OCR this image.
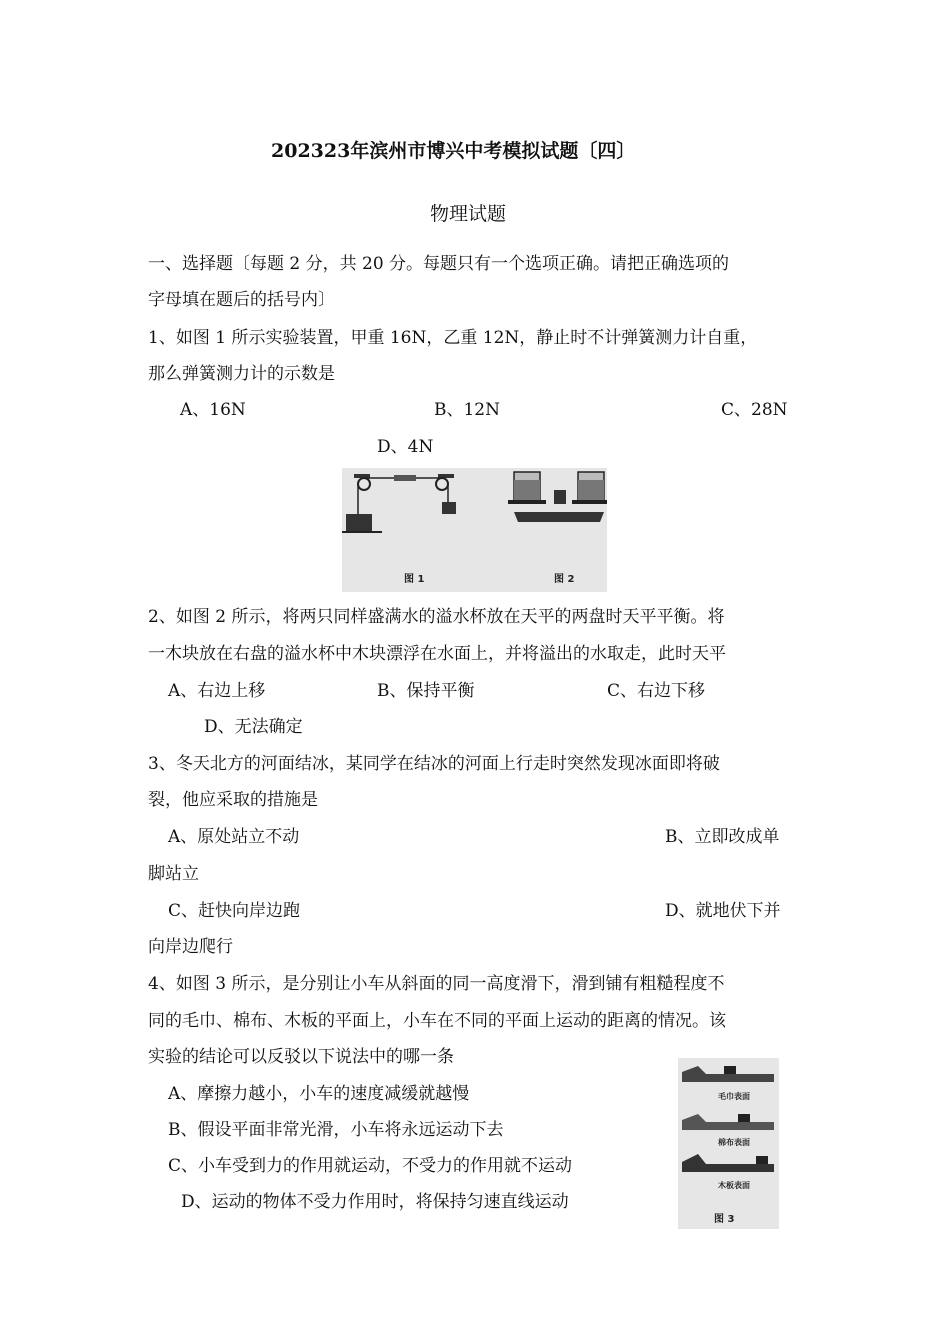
202323年滨州市博兴中考模拟试题〔四〕
物理试题
一、选择题〔每题 2 分，共 20 分。每题只有一个选项正确。请把正确选项的
字母填在题后的括号内〕
1、如图 1 所示实验装置，甲重 16N，乙重 12N，静止时不计弹簧测力计自重，
那么弹簧测力计的示数是
A、16N	B、12N	C、28N
D、4N
图 1	图 2
2、如图 2 所示，将两只同样盛满水的溢水杯放在天平的两盘时天平平衡。将
一木块放在右盘的溢水杯中木块漂浮在水面上，并将溢出的水取走，此时天平
A、右边上移	B、保持平衡	C、右边下移
D、无法确定
3、冬天北方的河面结冰，某同学在结冰的河面上行走时突然发现冰面即将破
裂，他应采取的措施是
A、原处站立不动	B、立即改成单
脚站立
C、赶快向岸边跑	D、就地伏下并
向岸边爬行
4、如图 3 所示，是分别让小车从斜面的同一高度滑下，滑到铺有粗糙程度不
同的毛巾、棉布、木板的平面上，小车在不同的平面上运动的距离的情况。该
实验的结论可以反驳以下说法中的哪一条
A、摩擦力越小，小车的速度减缓就越慢
B、假设平面非常光滑，小车将永远运动下去
C、小车受到力的作用就运动，不受力的作用就不运动
D、运动的物体不受力作用时，将保持匀速直线运动
毛巾表面
棉布表面
木板表面
图 3
